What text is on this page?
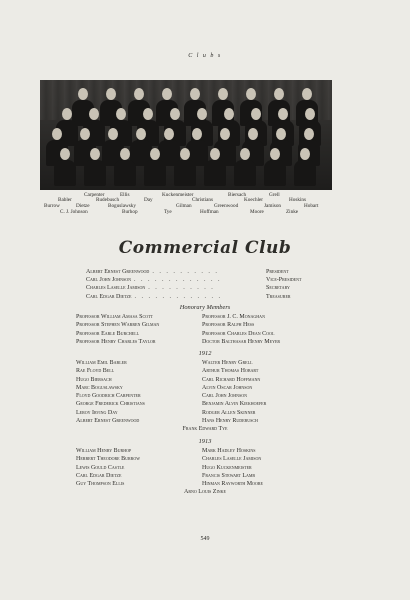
C l u b s
Carpenter	Ellis	Kuckenmeister	Biersach	Grell
Rudebusch	Day	Christians	Koechler	Hoskins
Babler
Burrow	Dietze	Boguslawsky	Gilman	Greenwood	Jamison	Hobart
C. J. Johnson	Burhop	Tye	Hoffman	Moore	Zinke
Commercial Club
Albert Ernest Greenwood . . . . . . . . . .	President
Carl John Johnson . . . . . . . . . . . . .	Vice-President
Charles Laselle Jamison . . . . . . . . . .	Secretary
Carl Edgar Dietze . . . . . . . . . . . . .	Treasurer
Honorary Members
Professor William Amasa Scott
Professor Stephen Warren Gilman
Professor Earle Burchell
Professor Henry Charles Taylor
Professor J. C. Monaghan
Professor Ralph Hess
Professor Charles Dean Cool
Doctor Balthasar Henry Meyer
1912
William Emil Babler
Rae Floyd Bell
Hugo Biersach
Marc Boguslawsky
Floyd Goodrich Carpenter
George Frederick Christians
Leroy Irving Day
Albert Ernest Greenwood
Walter Henry Grell
Arthur Thomas Hobart
Carl Richard Hoffmann
Alvin Oscar Johnson
Carl John Johnson
Benjamin Alvin Kiekhoefer
Rodger Allen Skinner
Hans Henry Rudebusch
Frank Edward Tye
1913
William Henry Burhop
Herbert Theodore Burrow
Lewis Gould Castle
Carl Edgar Dietze
Guy Thompson Ellis
Mark Hadley Hoskins
Charles Laselle Jamison
Hugo Kuckenmeister
Francis Stewart Lamb
Hinman Rayworth Moore
Arno Louis Zinke
549
